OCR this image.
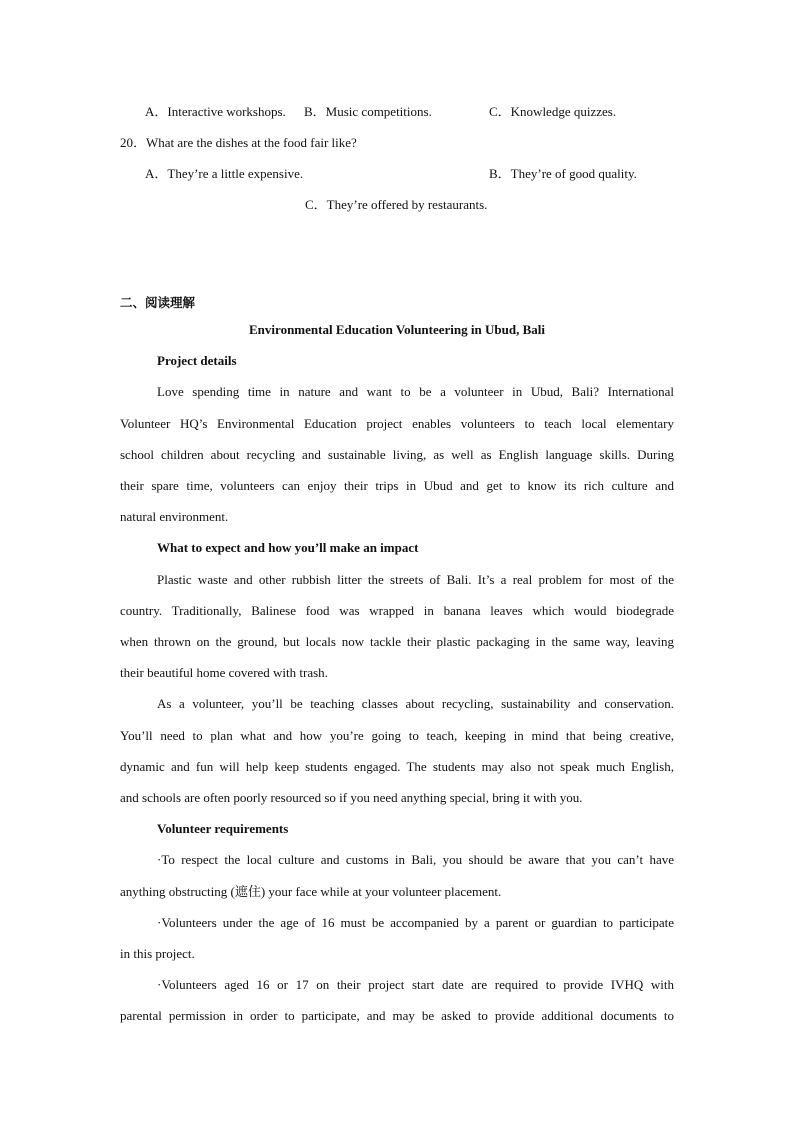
A．Interactive workshops. B．Music competitions.	C．Knowledge quizzes.
20．What are the dishes at the food fair like?
A．They’re a little expensive.	B．They’re of good quality.
C．They’re offered by restaurants.
二、阅读理解
Environmental Education Volunteering in Ubud, Bali
Project details
Love spending time in nature and want to be a volunteer in Ubud, Bali? International
Volunteer HQ’s Environmental Education project enables volunteers to teach local elementary
school children about recycling and sustainable living, as well as English language skills. During
their spare time, volunteers can enjoy their trips in Ubud and get to know its rich culture and
natural environment.
What to expect and how you’ll make an impact
Plastic waste and other rubbish litter the streets of Bali. It’s a real problem for most of the
country. Traditionally, Balinese food was wrapped in banana leaves which would biodegrade
when thrown on the ground, but locals now tackle their plastic packaging in the same way, leaving
their beautiful home covered with trash.
As a volunteer, you’ll be teaching classes about recycling, sustainability and conservation.
You’ll need to plan what and how you’re going to teach, keeping in mind that being creative,
dynamic and fun will help keep students engaged. The students may also not speak much English,
and schools are often poorly resourced so if you need anything special, bring it with you.
Volunteer requirements
·To respect the local culture and customs in Bali, you should be aware that you can’t have
anything obstructing (遮住) your face while at your volunteer placement.
·Volunteers under the age of 16 must be accompanied by a parent or guardian to participate
in this project.
·Volunteers aged 16 or 17 on their project start date are required to provide IVHQ with
parental permission in order to participate, and may be asked to provide additional documents to
